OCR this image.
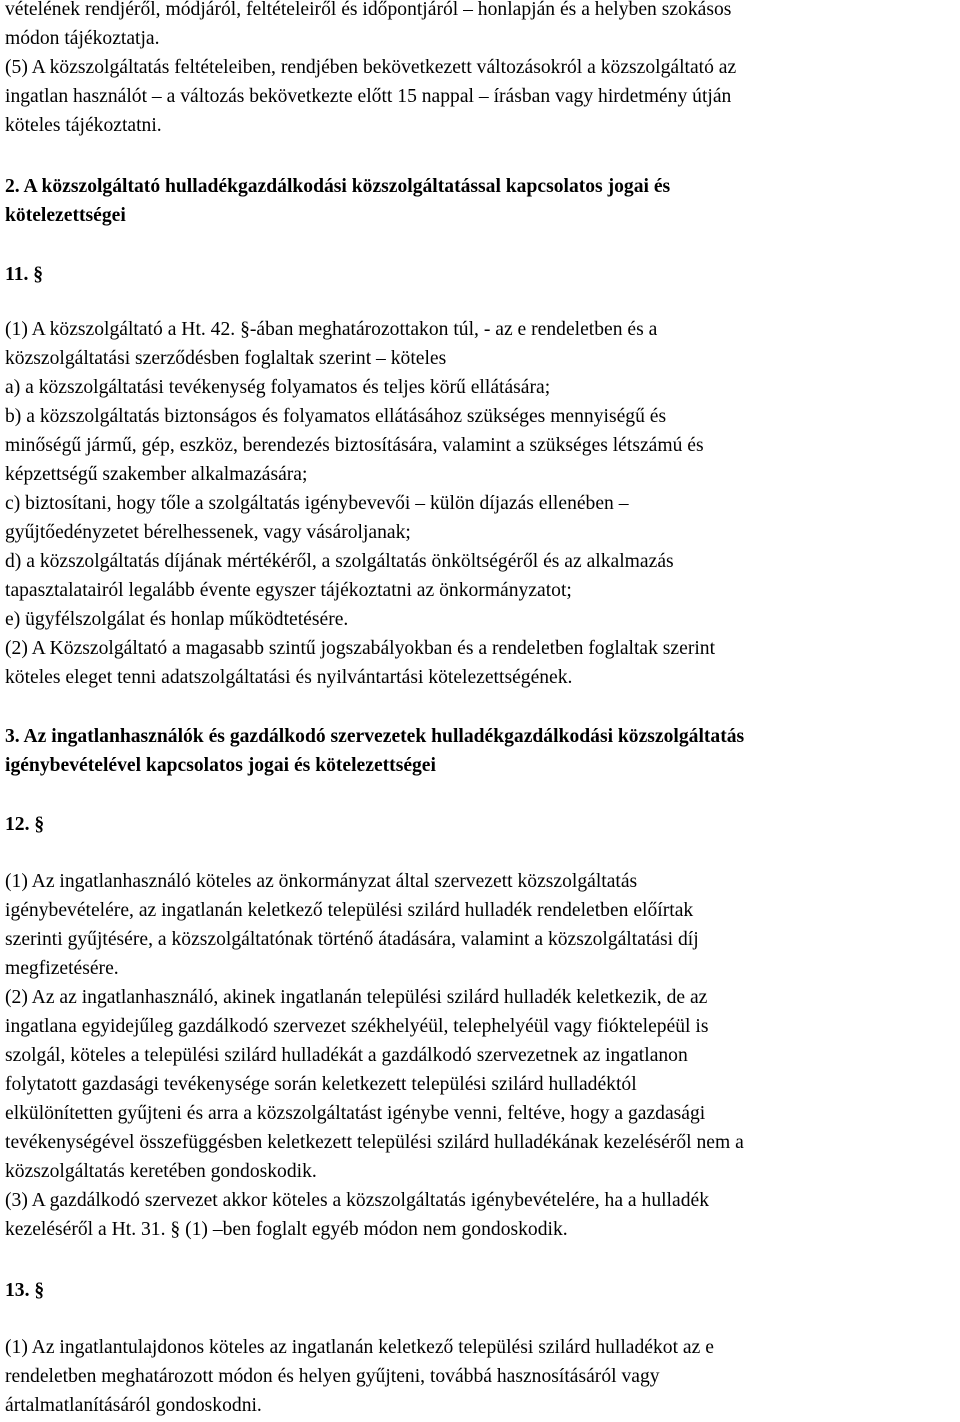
vételének rendjéről, módjáról, feltételeiről és időpontjáról – honlapján és a helyben szokásos
módon tájékoztatja.
(5) A közszolgáltatás feltételeiben, rendjében bekövetkezett változásokról a közszolgáltató az
ingatlan használót – a változás bekövetkezte előtt 15 nappal – írásban vagy hirdetmény útján
köteles tájékoztatni.
2. A közszolgáltató hulladékgazdálkodási közszolgáltatással kapcsolatos jogai és
kötelezettségei
11. §
(1) A közszolgáltató a Ht. 42. §-ában meghatározottakon túl, - az e rendeletben és a
közszolgáltatási szerződésben foglaltak szerint – köteles
a) a közszolgáltatási tevékenység folyamatos és teljes körű ellátására;
b) a közszolgáltatás biztonságos és folyamatos ellátásához szükséges mennyiségű és
minőségű jármű, gép, eszköz, berendezés biztosítására, valamint a szükséges létszámú és
képzettségű szakember alkalmazására;
c) biztosítani, hogy tőle a szolgáltatás igénybevevői – külön díjazás ellenében –
gyűjtőedényzetet bérelhessenek, vagy vásároljanak;
d) a közszolgáltatás díjának mértékéről, a szolgáltatás önköltségéről és az alkalmazás
tapasztalatairól legalább évente egyszer tájékoztatni az önkormányzatot;
e) ügyfélszolgálat és honlap működtetésére.
(2) A Közszolgáltató a magasabb szintű jogszabályokban és a rendeletben foglaltak szerint
köteles eleget tenni adatszolgáltatási és nyilvántartási kötelezettségének.
3. Az ingatlanhasználók és gazdálkodó szervezetek hulladékgazdálkodási közszolgáltatás
igénybevételével kapcsolatos jogai és kötelezettségei
12. §
(1) Az ingatlanhasználó köteles az önkormányzat által szervezett közszolgáltatás
igénybevételére, az ingatlanán keletkező települési szilárd hulladék rendeletben előírtak
szerinti gyűjtésére, a közszolgáltatónak történő átadására, valamint a közszolgáltatási díj
megfizetésére.
(2) Az az ingatlanhasználó, akinek ingatlanán települési szilárd hulladék keletkezik, de az
ingatlana egyidejűleg gazdálkodó szervezet székhelyéül, telephelyéül vagy fióktelepéül is
szolgál, köteles a települési szilárd hulladékát a gazdálkodó szervezetnek az ingatlanon
folytatott gazdasági tevékenysége során keletkezett települési szilárd hulladéktól
elkülönítetten gyűjteni és arra a közszolgáltatást igénybe venni, feltéve, hogy a gazdasági
tevékenységével összefüggésben keletkezett települési szilárd hulladékának kezeléséről nem a
közszolgáltatás keretében gondoskodik.
(3) A gazdálkodó szervezet akkor köteles a közszolgáltatás igénybevételére, ha a hulladék
kezeléséről a Ht. 31. § (1) –ben foglalt egyéb módon nem gondoskodik.
13. §
(1) Az ingatlantulajdonos köteles az ingatlanán keletkező települési szilárd hulladékot az e
rendeletben meghatározott módon és helyen gyűjteni, továbbá hasznosításáról vagy
ártalmatlanításáról gondoskodni.
